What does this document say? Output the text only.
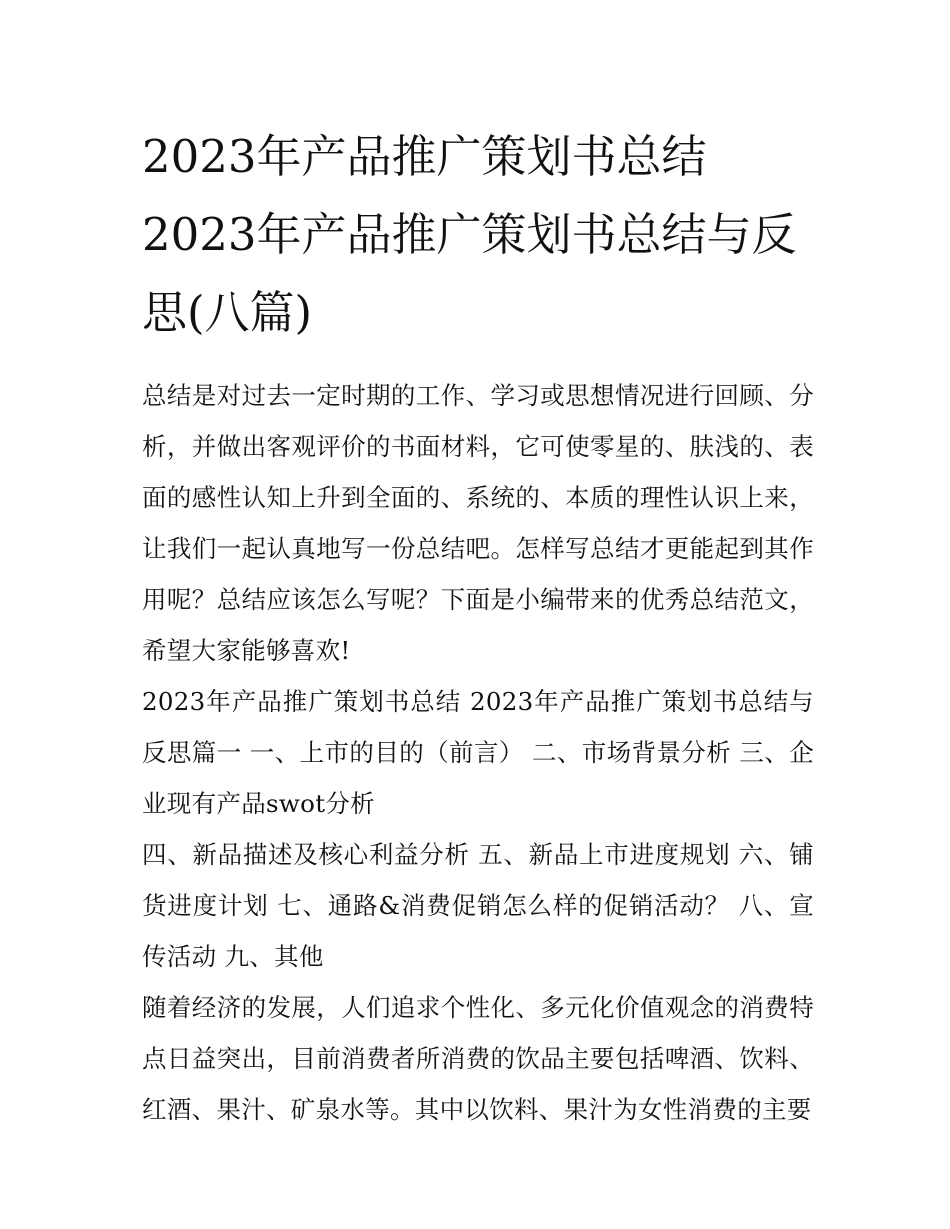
2023年产品推广策划书总结2023年产品推广策划书总结与反思(八篇)

总结是对过去一定时期的工作、学习或思想情况进行回顾、分析，并做出客观评价的书面材料，它可使零星的、肤浅的、表面的感性认知上升到全面的、系统的、本质的理性认识上来，让我们一起认真地写一份总结吧。怎样写总结才更能起到其作用呢？总结应该怎么写呢？下面是小编带来的优秀总结范文，希望大家能够喜欢!

2023年产品推广策划书总结 2023年产品推广策划书总结与反思篇一 一、上市的目的（前言） 二、市场背景分析 三、企业现有产品swot分析

四、新品描述及核心利益分析 五、新品上市进度规划 六、铺货进度计划 七、通路&消费促销怎么样的促销活动？ 八、宣传活动 九、其他

随着经济的发展，人们追求个性化、多元化价值观念的消费特点日益突出，目前消费者所消费的饮品主要包括啤酒、饮料、红酒、果汁、矿泉水等。其中以饮料、果汁为女性消费的主要
